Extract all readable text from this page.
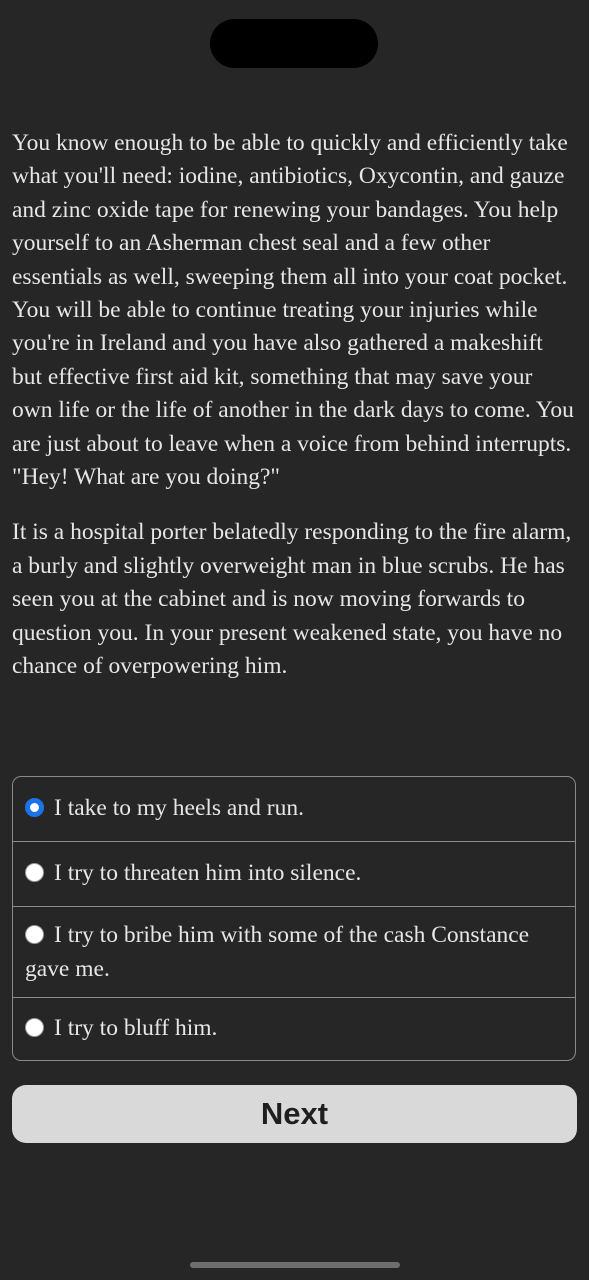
You know enough to be able to quickly and efficiently take what you'll need: iodine, antibiotics, Oxycontin, and gauze and zinc oxide tape for renewing your bandages. You help yourself to an Asherman chest seal and a few other essentials as well, sweeping them all into your coat pocket. You will be able to continue treating your injuries while you're in Ireland and you have also gathered a makeshift but effective first aid kit, something that may save your own life or the life of another in the dark days to come. You are just about to leave when a voice from behind interrupts. "Hey! What are you doing?"

It is a hospital porter belatedly responding to the fire alarm, a burly and slightly overweight man in blue scrubs. He has seen you at the cabinet and is now moving forwards to question you. In your present weakened state, you have no chance of overpowering him.

I take to my heels and run.
I try to threaten him into silence.
I try to bribe him with some of the cash Constance gave me.
I try to bluff him.
Next
